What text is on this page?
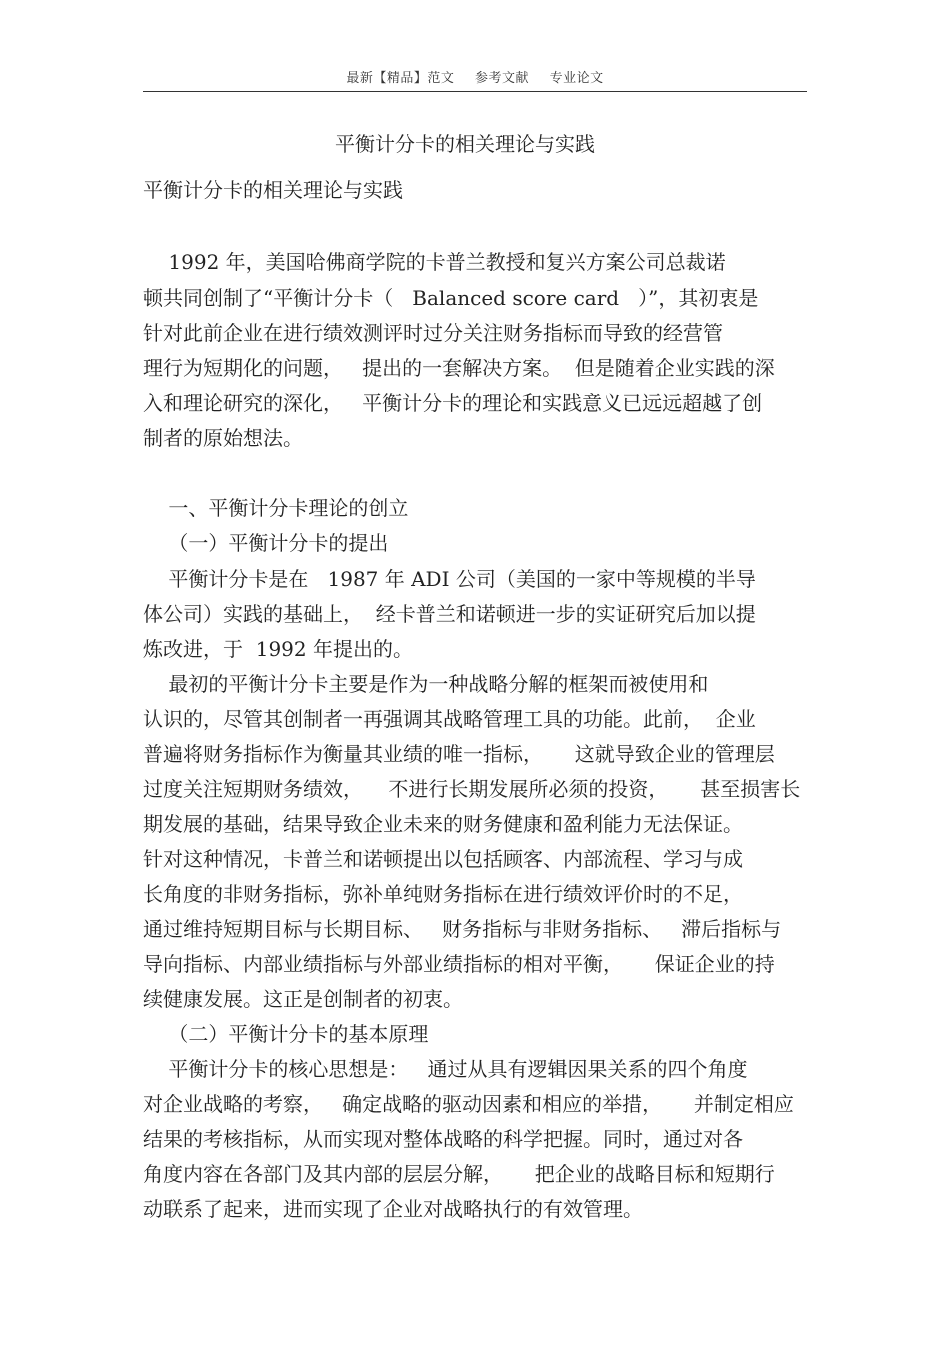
最新【精品】范文 参考文献 专业论文
平衡计分卡的相关理论与实践
平衡计分卡的相关理论与实践
1992 年，美国哈佛商学院的卡普兰教授和复兴方案公司总裁诺
顿共同创制了“平衡计分卡（   Balanced score card   ）”，其初衷是
针对此前企业在进行绩效测评时过分关注财务指标而导致的经营管
理行为短期化的问题，   提出的一套解决方案。  但是随着企业实践的深
入和理论研究的深化，   平衡计分卡的理论和实践意义已远远超越了创
制者的原始想法。
一、平衡计分卡理论的创立
（一）平衡计分卡的提出
平衡计分卡是在   1987 年 ADI 公司（美国的一家中等规模的半导
体公司）实践的基础上，  经卡普兰和诺顿进一步的实证研究后加以提
炼改进，于  1992 年提出的。
最初的平衡计分卡主要是作为一种战略分解的框架而被使用和
认识的，尽管其创制者一再强调其战略管理工具的功能。此前，  企业
普遍将财务指标作为衡量其业绩的唯一指标，     这就导致企业的管理层
过度关注短期财务绩效，    不进行长期发展所必须的投资，     甚至损害长
期发展的基础，结果导致企业未来的财务健康和盈利能力无法保证。
针对这种情况，卡普兰和诺顿提出以包括顾客、内部流程、学习与成
长角度的非财务指标，弥补单纯财务指标在进行绩效评价时的不足，
通过维持短期目标与长期目标、   财务指标与非财务指标、   滞后指标与
导向指标、内部业绩指标与外部业绩指标的相对平衡，     保证企业的持
续健康发展。这正是创制者的初衷。
（二）平衡计分卡的基本原理
平衡计分卡的核心思想是：   通过从具有逻辑因果关系的四个角度
对企业战略的考察，   确定战略的驱动因素和相应的举措，     并制定相应
结果的考核指标，从而实现对整体战略的科学把握。同时，通过对各
角度内容在各部门及其内部的层层分解，     把企业的战略目标和短期行
动联系了起来，进而实现了企业对战略执行的有效管理。
